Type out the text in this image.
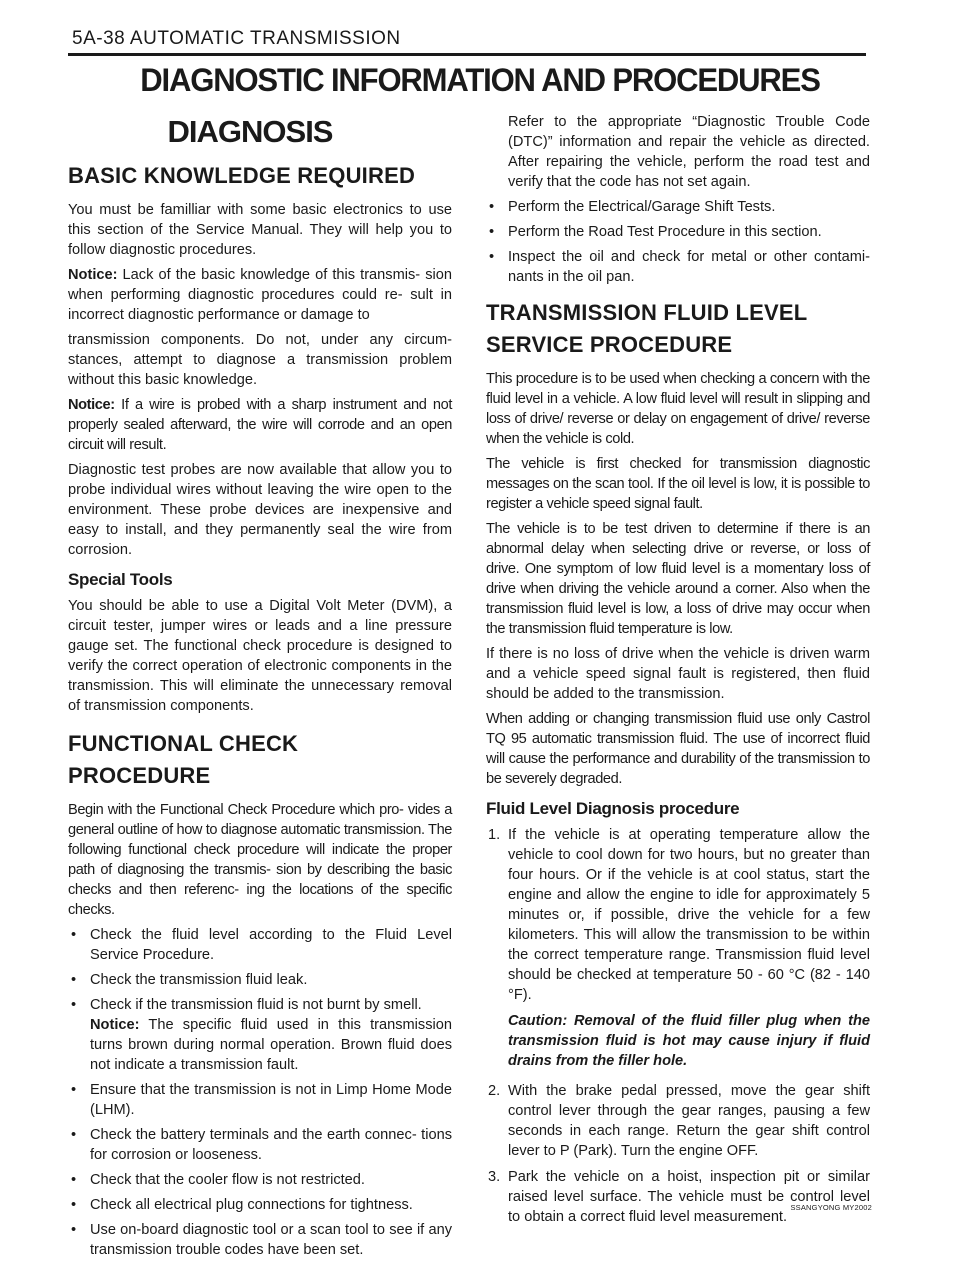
5A-38 AUTOMATIC TRANSMISSION
DIAGNOSTIC INFORMATION AND PROCEDURES
DIAGNOSIS
BASIC KNOWLEDGE REQUIRED

You must be familliar with some basic electronics to use this section of the Service Manual. They will help you to follow diagnostic procedures.

Notice: Lack of the basic knowledge of this transmis- sion when performing diagnostic procedures could re- sult in incorrect diagnostic performance or damage to

transmission components. Do not, under any circum- stances, attempt to diagnose a transmission problem without this basic knowledge.

Notice: If a wire is probed with a sharp instrument and not properly sealed afterward, the wire will corrode and an open circuit will result.

Diagnostic test probes are now available that allow you to probe individual wires without leaving the wire open to the environment. These probe devices are inexpensive and easy to install, and they permanently seal the wire from corrosion.

Special Tools

You should be able to use a Digital Volt Meter (DVM), a circuit tester, jumper wires or leads and a line pressure gauge set. The functional check procedure is designed to verify the correct operation of electronic components in the transmission. This will eliminate the unnecessary removal of transmission components.

FUNCTIONAL CHECK
PROCEDURE

Begin with the Functional Check Procedure which pro- vides a general outline of how to diagnose automatic transmission. The following functional check procedure will indicate the proper path of diagnosing the transmis- sion by describing the basic checks and then referenc- ing the locations of the specific checks.

• Check the fluid level according to the Fluid Level Service Procedure.
• Check the transmission fluid leak.
• Check if the transmission fluid is not burnt by smell.
Notice: The specific fluid used in this transmission turns brown during normal operation. Brown fluid does not indicate a transmission fault.
• Ensure that the transmission is not in Limp Home Mode (LHM).
• Check the battery terminals and the earth connec- tions for corrosion or looseness.
• Check that the cooler flow is not restricted.
• Check all electrical plug connections for tightness.
• Use on-board diagnostic tool or a scan tool to see if any transmission trouble codes have been set.

Refer to the appropriate “Diagnostic Trouble Code (DTC)” information and repair the vehicle as directed. After repairing the vehicle, perform the road test and verify that the code has not set again.

• Perform the Electrical/Garage Shift Tests.
• Perform the Road Test Procedure in this section.
• Inspect the oil and check for metal or other contami- nants in the oil pan.
TRANSMISSION FLUID LEVEL
SERVICE PROCEDURE

This procedure is to be used when checking a concern with the fluid level in a vehicle. A low fluid level will result in slipping and loss of drive/ reverse or delay on engagement of drive/ reverse when the vehicle is cold.

The vehicle is first checked for transmission diagnostic messages on the scan tool. If the oil level is low, it is possible to register a vehicle speed signal fault.

The vehicle is to be test driven to determine if there is an abnormal delay when selecting drive or reverse, or loss of drive. One symptom of low fluid level is a momentary loss of drive when driving the vehicle around a corner. Also when the transmission fluid level is low, a loss of drive may occur when the transmission fluid temperature is low.

If there is no loss of drive when the vehicle is driven warm and a vehicle speed signal fault is registered, then fluid should be added to the transmission.

When adding or changing transmission fluid use only Castrol TQ 95 automatic transmission fluid. The use of incorrect fluid will cause the performance and durability of the transmission to be severely degraded.

Fluid Level Diagnosis procedure
1. If the vehicle is at operating temperature allow the vehicle to cool down for two hours, but no greater than four hours. Or if the vehicle is at cool status, start the engine and allow the engine to idle for approximately 5 minutes or, if possible, drive the vehicle for a few kilometers. This will allow the transmission to be within the correct temperature range. Transmission fluid level should be checked at temperature 50 - 60 °C (82 - 140 °F).
Caution: Removal of the fluid filler plug when the transmission fluid is hot may cause injury if fluid drains from the filler hole.
2. With the brake pedal pressed, move the gear shift control lever through the gear ranges, pausing a few seconds in each range. Return the gear shift control lever to P (Park). Turn the engine OFF.
3. Park the vehicle on a hoist, inspection pit or similar raised level surface. The vehicle must be control level to obtain a correct fluid level measurement.
SSANGYONG MY2002
